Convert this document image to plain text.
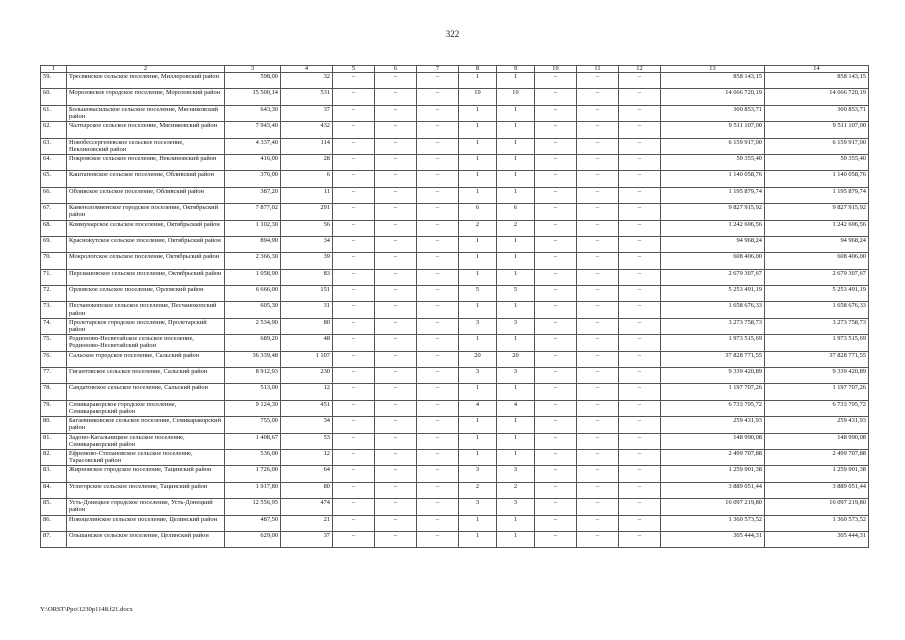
322
1	2	3	4	5	6	7	8	9	10	11	12	13	14
59.	Тресвянское сельское поселение, Миллеровский район	598,00	32	–	–	–	1	1	–	–	–	858 143,15	858 143,15
60.	Морозовское городское поселение, Морозовский район	15 500,14	531	–	–	–	19	19	–	–	–	14 666 720,19	14 666 720,19
61.	Большовасильское сельское поселение, Мясниковский район	643,30	37	–	–	–	1	1	–	–	–	300 853,71	300 853,71
62.	Чалтырское сельское поселение, Мясниковский район	7 943,40	432	–	–	–	1	1	–	–	–	9 511 107,00	9 511 107,00
63.	Новобессергеневское сельское поселение, Неклиновский район	4 337,40	114	–	–	–	1	1	–	–	–	6 159 917,00	6 159 917,00
64.	Покровское сельское поселение, Неклиновский район	416,00	28	–	–	–	1	1	–	–	–	59 355,40	59 355,40
65.	Каштановское сельское поселение, Обливский район	376,00	6	–	–	–	1	1	–	–	–	1 140 058,76	1 140 058,76
66.	Обливское сельское поселение, Обливский район	387,20	11	–	–	–	1	1	–	–	–	1 195 879,74	1 195 879,74
67.	Каменоломненское городское поселение, Октябрьский район	7 877,02	291	–	–	–	6	6	–	–	–	9 827 915,92	9 827 915,92
68.	Коммунарское сельское поселение, Октябрьский район	1 102,30	56	–	–	–	2	2	–	–	–	1 242 606,56	1 242 606,56
69.	Краснокутское сельское поселение, Октябрьский район	894,90	34	–	–	–	1	1	–	–	–	94 968,24	94 968,24
70.	Мокрологское сельское поселение, Октябрьский район	2 366,30	39	–	–	–	1	1	–	–	–	608 406,00	608 406,00
71.	Персиановское сельское поселение, Октябрьский район	1 058,90	83	–	–	–	1	1	–	–	–	2 679 307,67	2 679 307,67
72.	Орловское сельское поселение, Орловский район	6 666,00	151	–	–	–	5	5	–	–	–	5 253 491,19	5 253 491,19
73.	Песчанокопское сельское поселение, Песчанокопский район	605,30	31	–	–	–	1	1	–	–	–	1 658 676,33	1 658 676,33
74.	Пролетарское городское поселение, Пролетарский район	2 534,90	80	–	–	–	3	3	–	–	–	3 273 758,73	3 273 758,73
75.	Родионово-Несветайское сельское поселение, Родионово-Несветайский район	689,20	48	–	–	–	1	1	–	–	–	1 973 515,69	1 973 515,69
76.	Сальское городское поселение, Сальский район	36 339,48	1 107	–	–	–	20	20	–	–	–	37 828 771,55	37 828 771,55
77.	Гигантовское сельское поселение, Сальский район	8 912,93	230	–	–	–	3	3	–	–	–	9 339 420,89	9 339 420,89
78.	Сандатовское сельское поселение, Сальский район	513,00	12	–	–	–	1	1	–	–	–	1 197 707,26	1 197 707,26
79.	Семикаракорское городское поселение, Семикаракорский район	9 124,30	451	–	–	–	4	4	–	–	–	6 733 795,72	6 733 795,72
80.	Багаевниковское сельское поселение, Семикаракорский район	755,00	34	–	–	–	1	1	–	–	–	259 431,93	259 431,93
81.	Задоно-Кагальницкое сельское поселение, Семикаракорский район	1 408,67	53	–	–	–	1	1	–	–	–	148 990,08	148 990,08
82.	Ефремово-Степановское сельское поселение, Тарасовский район	536,00	12	–	–	–	1	1	–	–	–	2 499 707,88	2 499 707,88
83.	Жирновское городское поселение, Тацинский район	1 726,00	64	–	–	–	3	3	–	–	–	1 259 901,38	1 259 901,38
84.	Углегорское сельское поселение, Тацинский район	1 917,80	80	–	–	–	2	2	–	–	–	3 889 051,44	3 889 051,44
85.	Усть-Донецкое городское поселение, Усть-Донецкий район	12 556,95	474	–	–	–	3	3	–	–	–	16 097 219,80	16 097 219,80
86.	Новоцелинское сельское поселение, Целинский район	487,50	21	–	–	–	1	1	–	–	–	1 360 573,52	1 360 573,52
87.	Ольшанское сельское поселение, Целинский район	629,00	37	–	–	–	1	1	–	–	–	305 444,31	305 444,31
Y:\ORST\Ppo\1230p1148.f21.docx
